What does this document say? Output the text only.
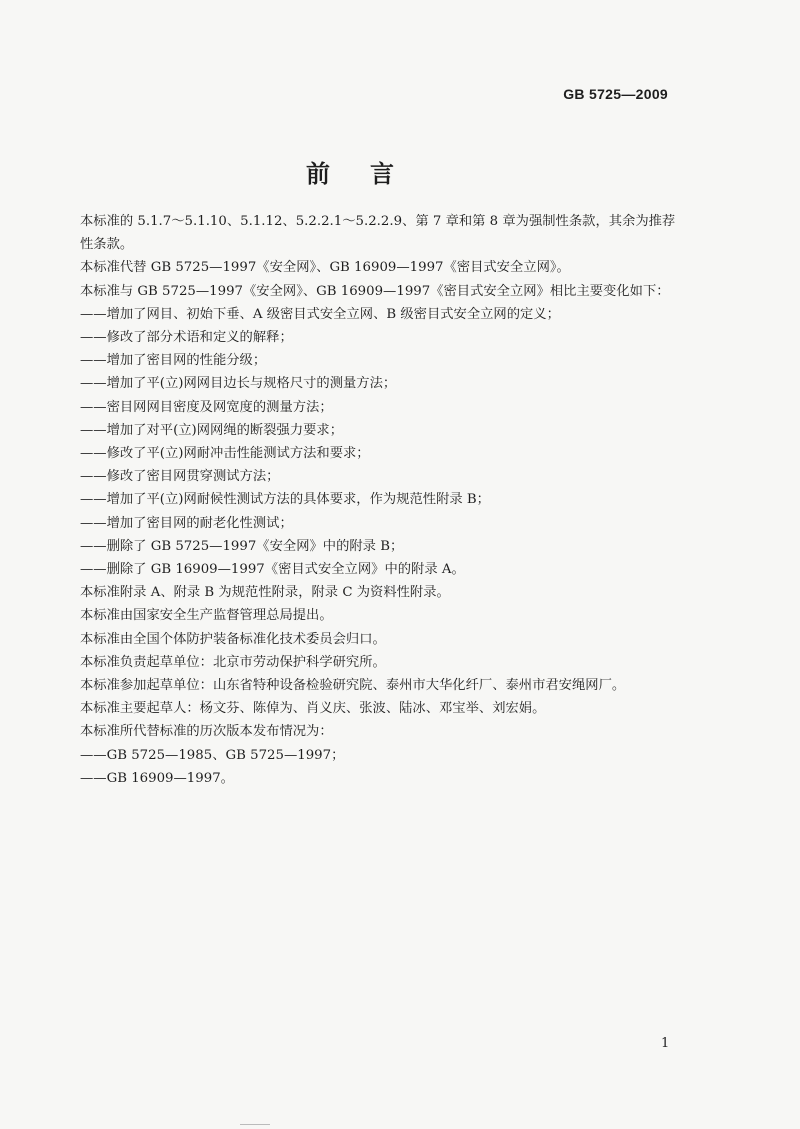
GB 5725—2009
前 言

本标准的 5.1.7～5.1.10、5.1.12、5.2.2.1～5.2.2.9、第 7 章和第 8 章为强制性条款，其余为推荐性条款。

本标准代替 GB 5725—1997《安全网》、GB 16909—1997《密目式安全立网》。

本标准与 GB 5725—1997《安全网》、GB 16909—1997《密目式安全立网》相比主要变化如下：

——增加了网目、初始下垂、A 级密目式安全立网、B 级密目式安全立网的定义；

——修改了部分术语和定义的解释；

——增加了密目网的性能分级；

——增加了平(立)网网目边长与规格尺寸的测量方法；

——密目网网目密度及网宽度的测量方法；

——增加了对平(立)网网绳的断裂强力要求；

——修改了平(立)网耐冲击性能测试方法和要求；

——修改了密目网贯穿测试方法；

——增加了平(立)网耐候性测试方法的具体要求，作为规范性附录 B；

——增加了密目网的耐老化性测试；

——删除了 GB 5725—1997《安全网》中的附录 B；

——删除了 GB 16909—1997《密目式安全立网》中的附录 A。

本标准附录 A、附录 B 为规范性附录，附录 C 为资料性附录。

本标准由国家安全生产监督管理总局提出。

本标准由全国个体防护装备标准化技术委员会归口。

本标准负责起草单位：北京市劳动保护科学研究所。

本标准参加起草单位：山东省特种设备检验研究院、泰州市大华化纤厂、泰州市君安绳网厂。

本标准主要起草人：杨文芬、陈倬为、肖义庆、张波、陆冰、邓宝举、刘宏娟。

本标准所代替标准的历次版本发布情况为：

——GB 5725—1985、GB 5725—1997；

——GB 16909—1997。

1
